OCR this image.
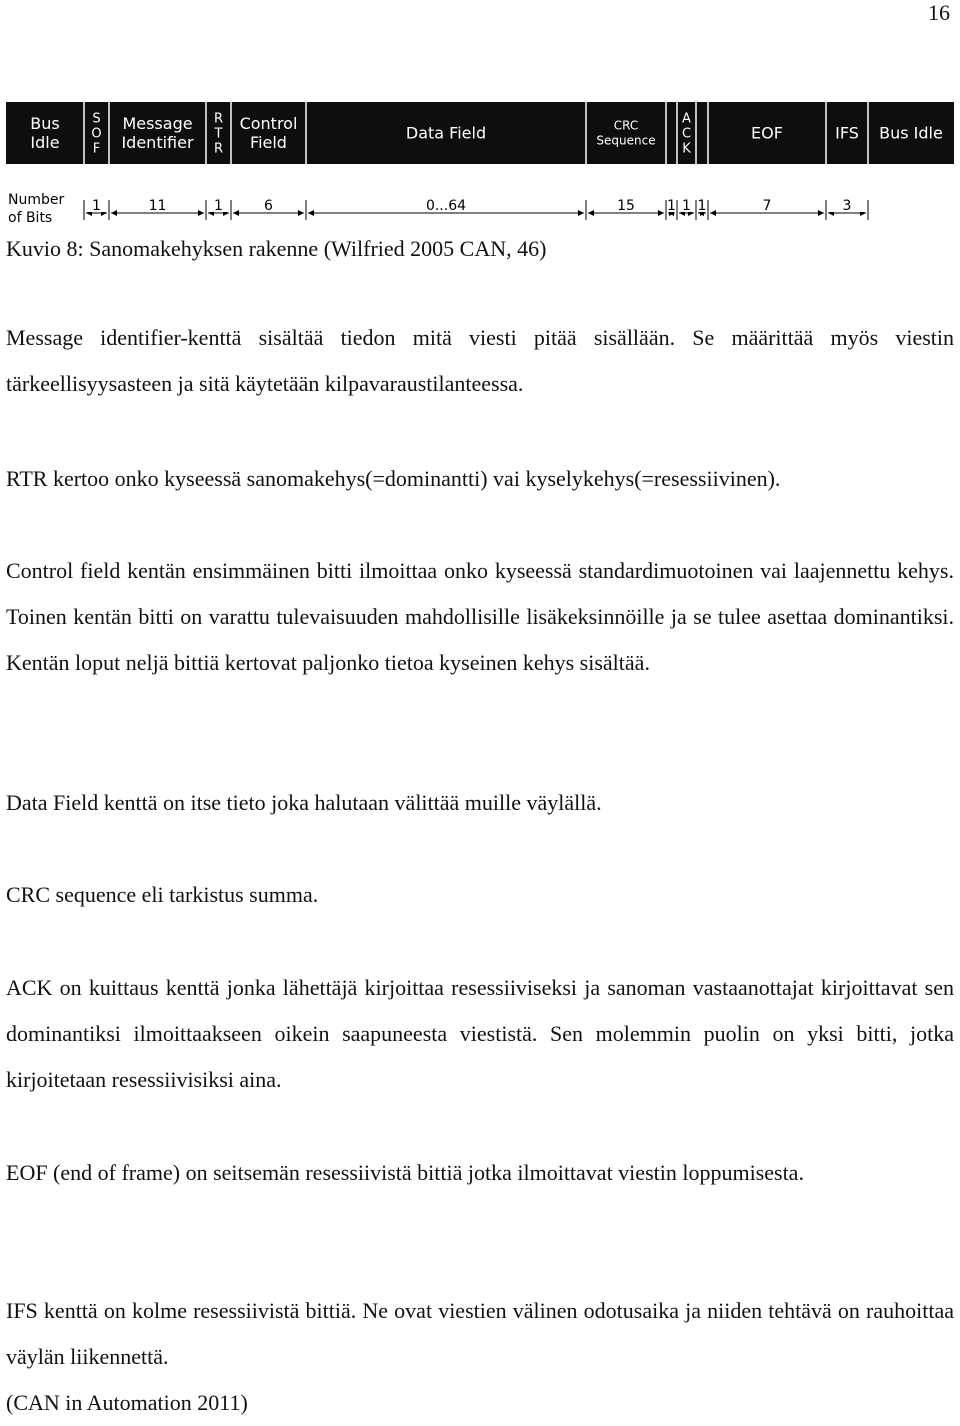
16
Bus Idle
S O F
1
Message Identifier
11
R T R
1
Control Field
6
Data Field
0...64
CRC Sequence
15 1
A C K
1 1
EOF
7
IFS
3
Bus Idle
Number of Bits

Kuvio 8: Sanomakehyksen rakenne (Wilfried 2005 CAN, 46)

Message identifier-kenttä sisältää tiedon mitä viesti pitää sisällään. Se määrittää myös viestin tärkeellisyysasteen ja sitä käytetään kilpavaraustilanteessa.

RTR kertoo onko kyseessä sanomakehys(=dominantti) vai kyselykehys(=resessiivinen).

Control field kentän ensimmäinen bitti ilmoittaa onko kyseessä standardimuotoinen vai laajennettu kehys. Toinen kentän bitti on varattu tulevaisuuden mahdollisille lisäkeksinnöille ja se tulee asettaa dominantiksi. Kentän loput neljä bittiä kertovat paljonko tietoa kyseinen kehys sisältää.

Data Field kenttä on itse tieto joka halutaan välittää muille väylällä.

CRC sequence eli tarkistus summa.

ACK on kuittaus kenttä jonka lähettäjä kirjoittaa resessiiviseksi ja sanoman vastaanottajat kirjoittavat sen dominantiksi ilmoittaakseen oikein saapuneesta viestistä. Sen molemmin puolin on yksi bitti, jotka kirjoitetaan resessiivisiksi aina.

EOF (end of frame) on seitsemän resessiivistä bittiä jotka ilmoittavat viestin loppumisesta.

IFS kenttä on kolme resessiivistä bittiä. Ne ovat viestien välinen odotusaika ja niiden tehtävä on rauhoittaa väylän liikennettä.

(CAN in Automation 2011)
